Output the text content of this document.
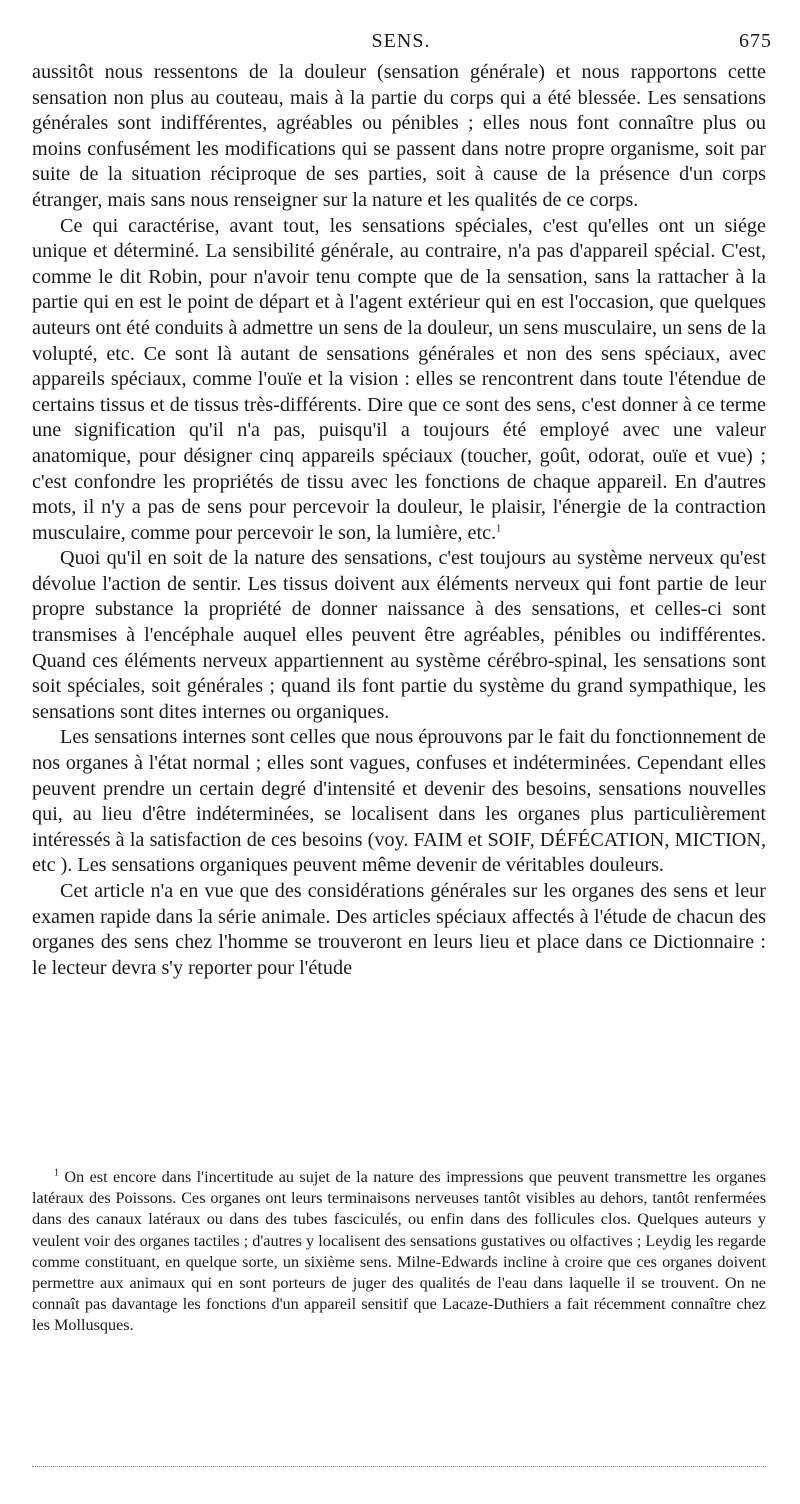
SENS.	675

aussitôt nous ressentons de la douleur (sensation générale) et nous rapportons cette sensation non plus au couteau, mais à la partie du corps qui a été blessée. Les sensations générales sont indifférentes, agréables ou pénibles ; elles nous font connaître plus ou moins confusément les modifications qui se passent dans notre propre organisme, soit par suite de la situation réciproque de ses parties, soit à cause de la présence d'un corps étranger, mais sans nous renseigner sur la nature et les qualités de ce corps.

Ce qui caractérise, avant tout, les sensations spéciales, c'est qu'elles ont un siége unique et déterminé. La sensibilité générale, au contraire, n'a pas d'appareil spécial. C'est, comme le dit Robin, pour n'avoir tenu compte que de la sensation, sans la rattacher à la partie qui en est le point de départ et à l'agent extérieur qui en est l'occasion, que quelques auteurs ont été conduits à admettre un sens de la douleur, un sens musculaire, un sens de la volupté, etc. Ce sont là autant de sensations générales et non des sens spéciaux, avec appareils spéciaux, comme l'ouïe et la vision : elles se rencontrent dans toute l'étendue de certains tissus et de tissus très-différents. Dire que ce sont des sens, c'est donner à ce terme une signification qu'il n'a pas, puisqu'il a toujours été employé avec une valeur anatomique, pour désigner cinq appareils spéciaux (toucher, goût, odorat, ouïe et vue) ; c'est confondre les propriétés de tissu avec les fonctions de chaque appareil. En d'autres mots, il n'y a pas de sens pour percevoir la douleur, le plaisir, l'énergie de la contraction musculaire, comme pour percevoir le son, la lumière, etc.$^1$

Quoi qu'il en soit de la nature des sensations, c'est toujours au système nerveux qu'est dévolue l'action de sentir. Les tissus doivent aux éléments nerveux qui font partie de leur propre substance la propriété de donner naissance à des sensations, et celles-ci sont transmises à l'encéphale auquel elles peuvent être agréables, pénibles ou indifférentes. Quand ces éléments nerveux appartiennent au système cérébro-spinal, les sensations sont soit spéciales, soit générales ; quand ils font partie du système du grand sympathique, les sensations sont dites internes ou organiques.

Les sensations internes sont celles que nous éprouvons par le fait du fonctionnement de nos organes à l'état normal ; elles sont vagues, confuses et indéterminées. Cependant elles peuvent prendre un certain degré d'intensité et devenir des besoins, sensations nouvelles qui, au lieu d'être indéterminées, se localisent dans les organes plus particulièrement intéressés à la satisfaction de ces besoins (voy. FAIM et SOIF, DÉFÉCATION, MICTION, etc ). Les sensations organiques peuvent même devenir de véritables douleurs.

Cet article n'a en vue que des considérations générales sur les organes des sens et leur examen rapide dans la série animale. Des articles spéciaux affectés à l'étude de chacun des organes des sens chez l'homme se trouveront en leurs lieu et place dans ce Dictionnaire : le lecteur devra s'y reporter pour l'étude

$^1$ On est encore dans l'incertitude au sujet de la nature des impressions que peuvent transmettre les organes latéraux des Poissons. Ces organes ont leurs terminaisons nerveuses tantôt visibles au dehors, tantôt renfermées dans des canaux latéraux ou dans des tubes fasciculés, ou enfin dans des follicules clos. Quelques auteurs y veulent voir des organes tactiles ; d'autres y localisent des sensations gustatives ou olfactives ; Leydig les regarde comme constituant, en quelque sorte, un sixième sens. Milne-Edwards incline à croire que ces organes doivent permettre aux animaux qui en sont porteurs de juger des qualités de l'eau dans laquelle il se trouvent. On ne connaît pas davantage les fonctions d'un appareil sensitif que Lacaze-Duthiers a fait récemment connaître chez les Mollusques.
